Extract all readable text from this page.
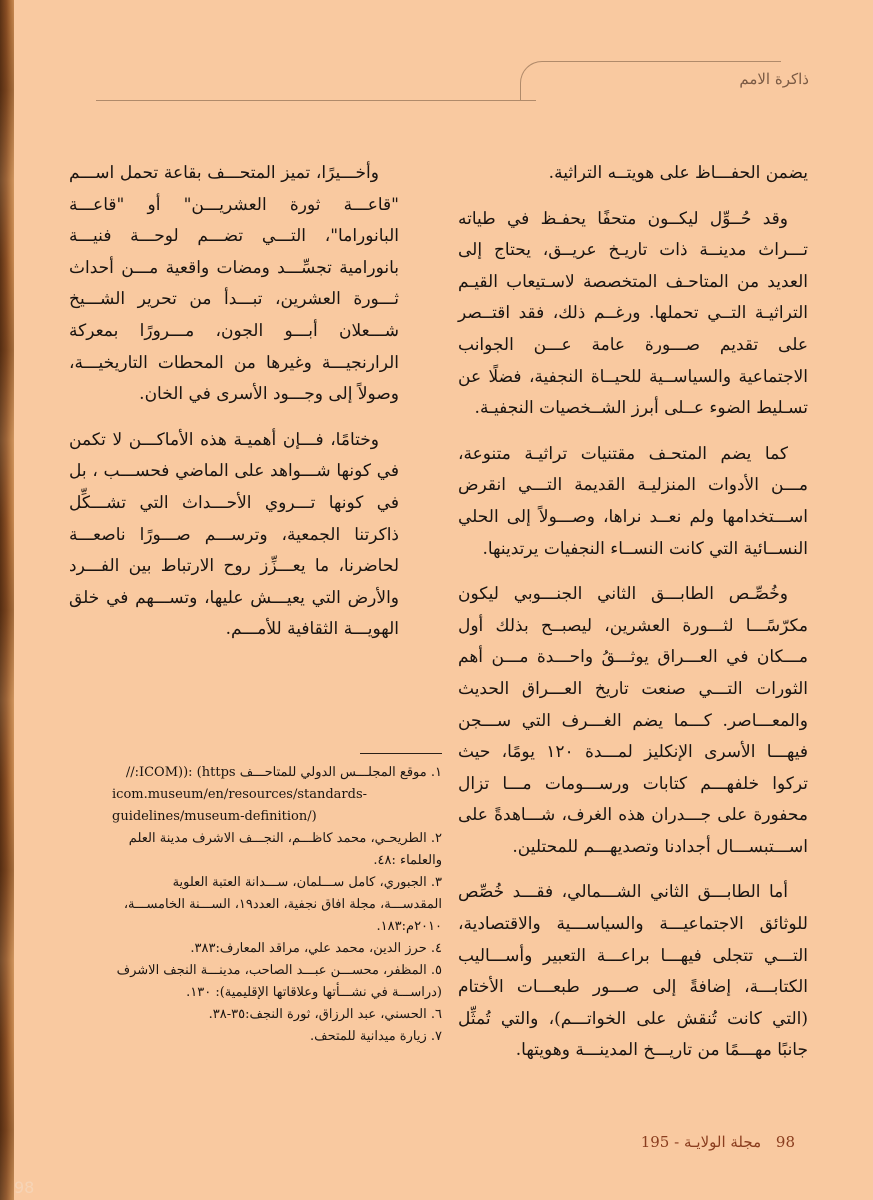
ذاكرة الامم

يضمن الحفـــاظ على هويتــه التراثية.

وقد حُــوِّل ليكــون متحفًا يحفـظ في طياته تـــراث مدينــة ذات تاريـخ عريــق، يحتاج إلى العديد من المتاحـف المتخصصة لاسـتيعاب القيـم التراثيـة التــي تحملها. ورغــم ذلك، فقد اقتــصر على تقديم صـــورة عامة عـــن الجوانب الاجتماعية والسياســية للحيــاة النجفية، فضلًا عن تسـليط الضوء عــلى أبرز الشــخصيات النجفيـة.

كما يضم المتحـف مقتنيات تراثيـة متنوعة، مـــن الأدوات المنزليـة القديمة التـــي انقرض اســـتخدامها ولم نعــد نراها، وصـــولاً إلى الحلي النســائية التي كانت النســاء النجفيات يرتدينها.

وخُصِّـص الطابـــق الثاني الجنـــوبي ليكون مكرّسًـــا لثـــورة العشرين، ليصبــح بذلك أول مـــكان في العـــراق يوثـــقُ واحـــدة مـــن أهم الثورات التـــي صنعت تاريخ العـــراق الحديث والمعـــاصر. كـــما يضم الغـــرف التي ســـجن فيهـــا الأسرى الإنكليز لمـــدة ١٢٠ يومًا، حيث تركوا خلفهـــم كتابات ورســـومات مـــا تزال محفورة على جـــدران هذه الغرف، شـــاهدةً على اســـتبســـال أجدادنا وتصديهـــم للمحتلين.

أما الطابـــق الثاني الشـــمالي، فقـــد خُصِّص للوثائق الاجتماعيـــة والسياســـية والاقتصادية، التـــي تتجلى فيهـــا براعـــة التعبير وأســـاليب الكتابـــة، إضافةً إلى صـــور طبعـــات الأختام (التي كانت تُنقش على الخواتـــم)، والتي تُمثِّل جانبًا مهـــمًا من تاريـــخ المدينـــة وهويتها.

وأخـــيرًا، تميز المتحـــف بقاعة تحمل اســـم "قاعـــة ثورة العشريـــن" أو "قاعـــة البانوراما"، التـــي تضـــم لوحـــة فنيـــة بانورامية تجسِّـــد ومضات واقعية مـــن أحداث ثـــورة العشرين، تبـــدأ من تحرير الشـــيخ شـــعلان أبـــو الجون، مـــرورًا بمعركة الرارنجيـــة وغيرها من المحطات التاريخيـــة، وصولاً إلى وجـــود الأسرى في الخان.

وختامًا، فـــإن أهميـة هذه الأماكـــن لا تكمن في كونها شـــواهد على الماضي فحســـب ، بل في كونها تـــروي الأحـــداث التي تشـــكِّل ذاكرتنا الجمعية، وترســـم صـــورًا ناصعـــة لحاضرنا، ما يعـــزِّز روح الارتباط بين الفـــرد والأرض التي يعيـــش عليها، وتســـهم في خلق الهويـــة الثقافية للأمـــم.

١. موقع المجلـــس الدولي للمتاحـــف ICOM)): (https://
icom.museum/en/resources/standards-
guidelines/museum-definition/)
٢. الطريحـي، محمد كاظـــم، النجـــف الاشرف مدينة العلم والعلماء :٤٨.
٣. الجبوري، كامل ســـلمان، ســـدانة العتبة العلوية المقدســـة، مجلة افاق نجفية، العدد١٩، الســـنة الخامســـة، ٢٠١٠م:١٨٣.
٤. حرز الدين، محمد علي، مراقد المعارف:٣٨٣.
٥. المظفر، محســـن عبـــد الصاحب، مدينـــة النجف الاشرف (دراســـة في نشـــأتها وعلاقاتها الإقليمية): ١٣٠.
٦. الحسني، عبد الرزاق، ثورة النجف:٣٥-٣٨.
٧. زيارة ميدانية للمتحف.
98 مجلة الولايـة - 195
98
